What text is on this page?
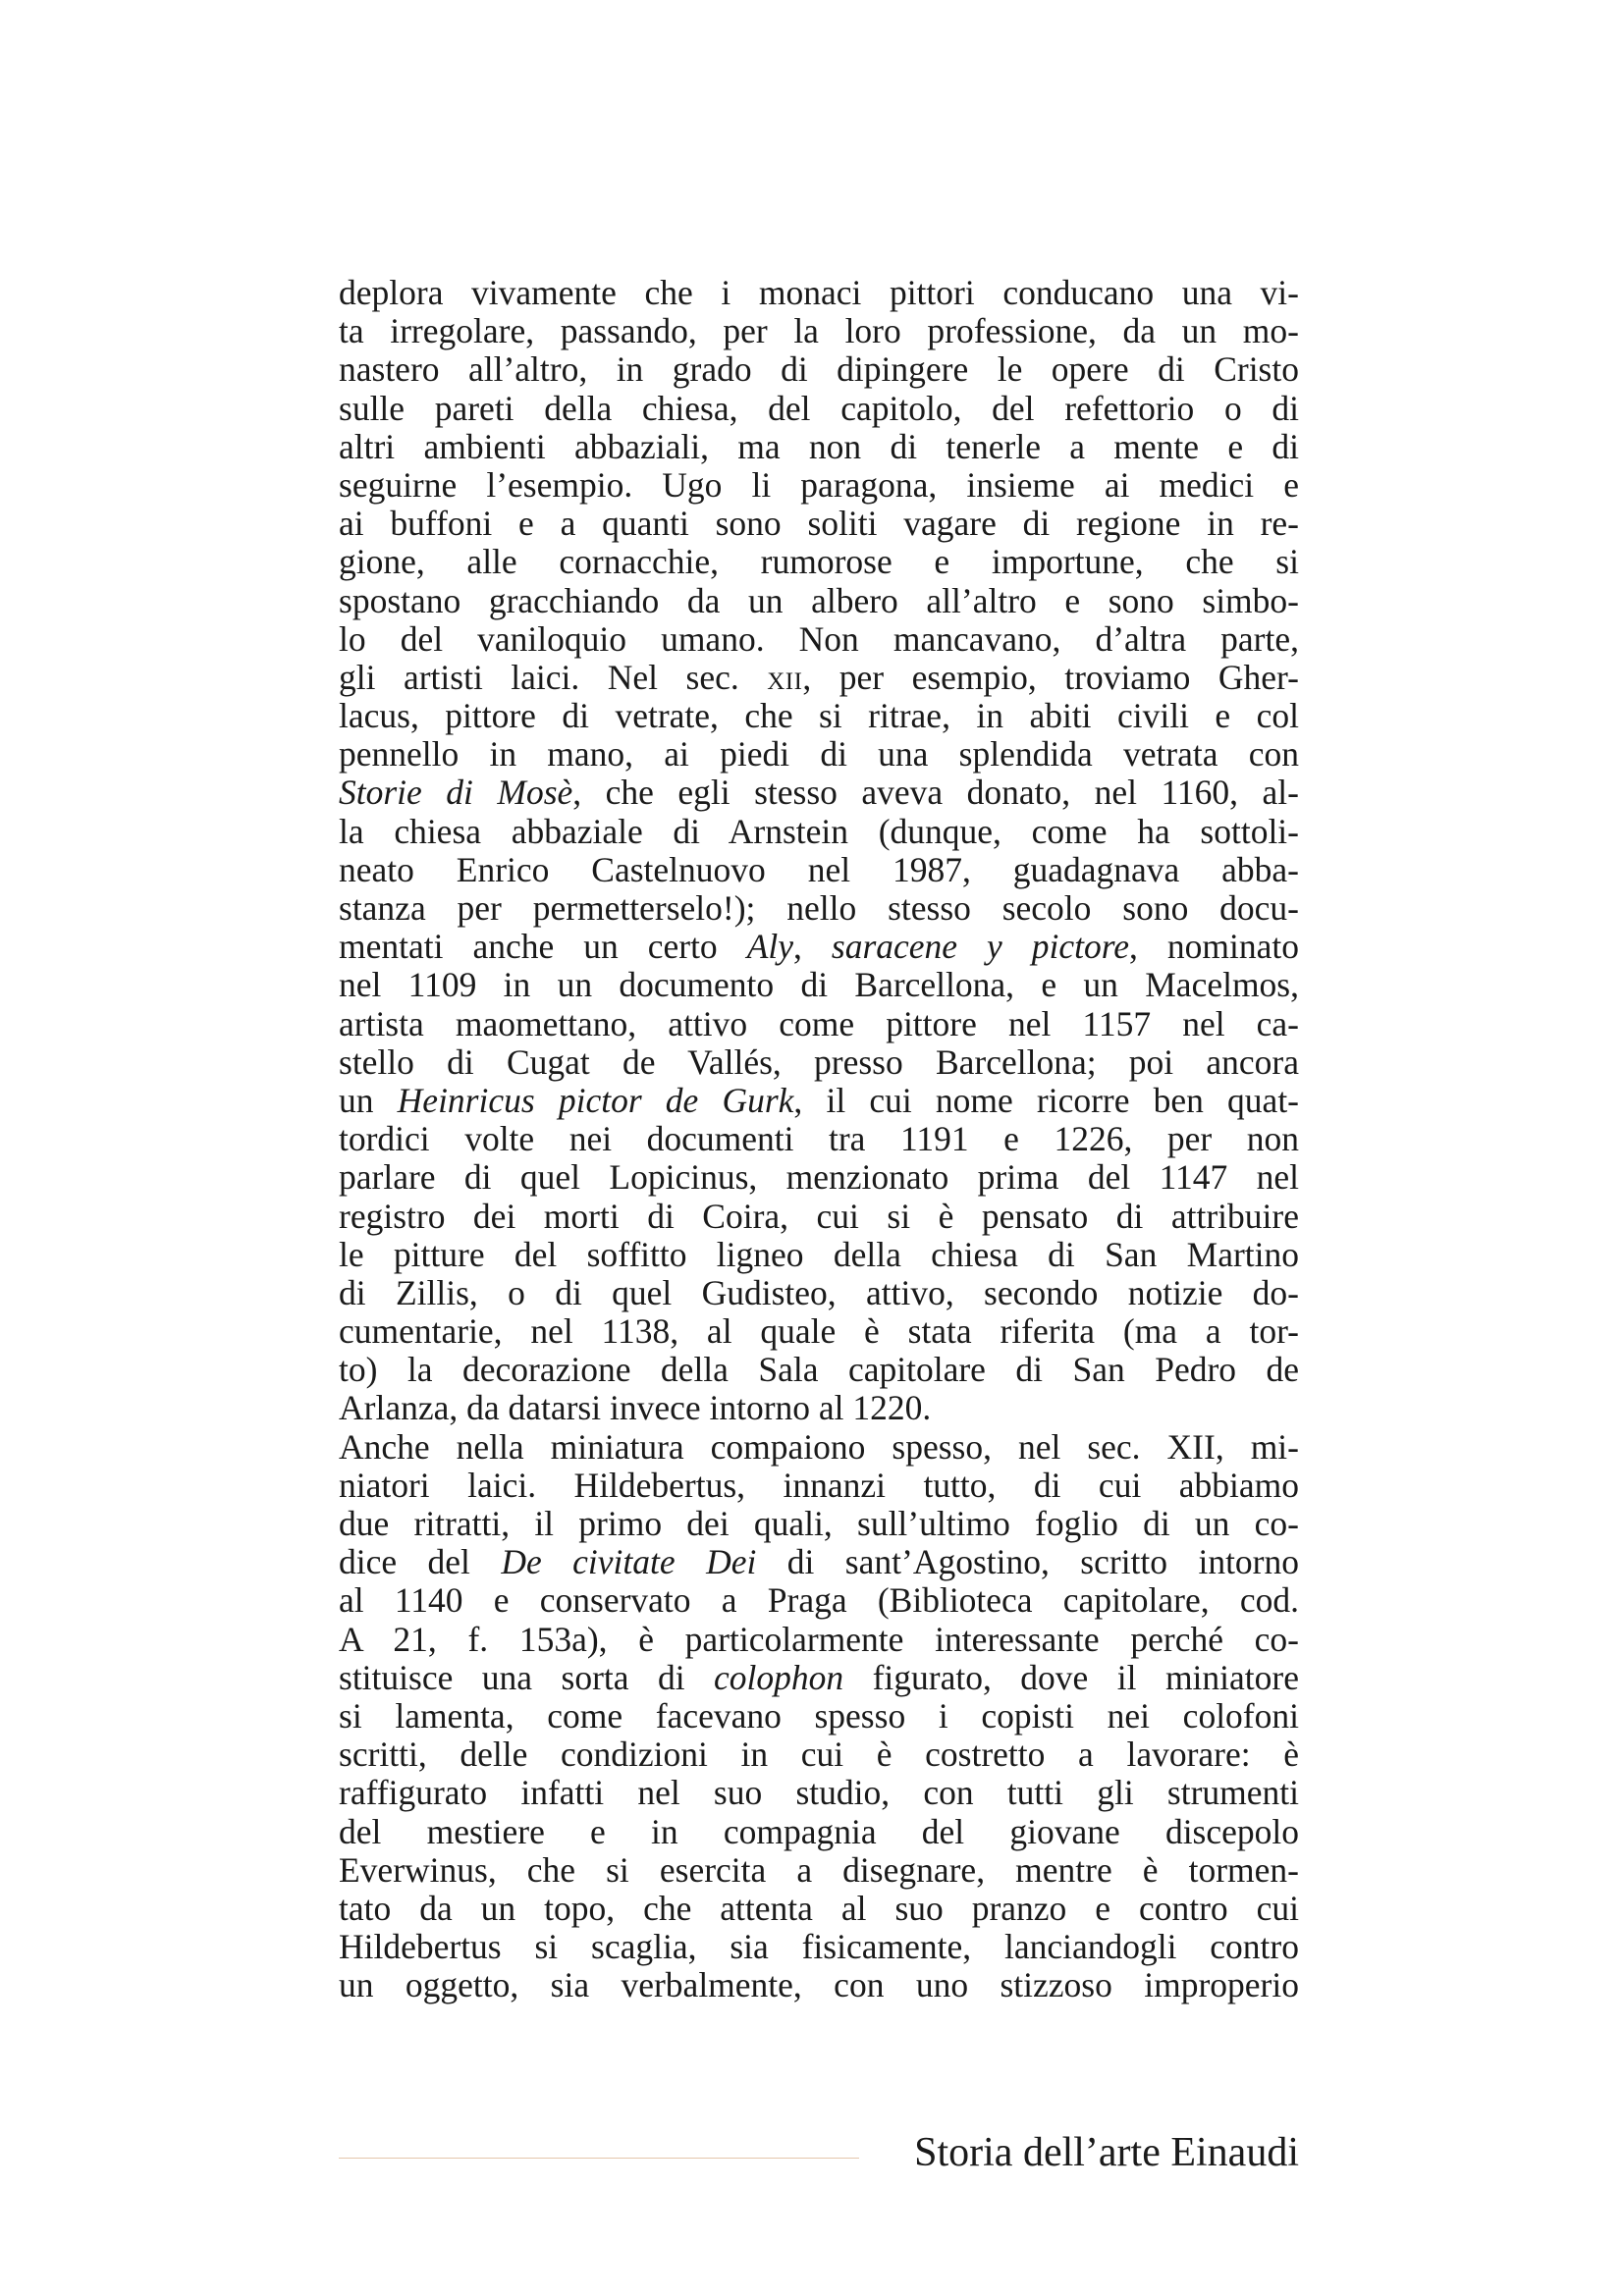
deplora vivamente che i monaci pittori conducano una vi-
ta irregolare, passando, per la loro professione, da un mo-
nastero all’altro, in grado di dipingere le opere di Cristo
sulle pareti della chiesa, del capitolo, del refettorio o di
altri ambienti abbaziali, ma non di tenerle a mente e di
seguirne l’esempio. Ugo li paragona, insieme ai medici e
ai buffoni e a quanti sono soliti vagare di regione in re-
gione, alle cornacchie, rumorose e importune, che si
spostano gracchiando da un albero all’altro e sono simbo-
lo del vaniloquio umano. Non mancavano, d’altra parte,
gli artisti laici. Nel sec. xii, per esempio, troviamo Gher-
lacus, pittore di vetrate, che si ritrae, in abiti civili e col
pennello in mano, ai piedi di una splendida vetrata con
Storie di Mosè, che egli stesso aveva donato, nel 1160, al-
la chiesa abbaziale di Arnstein (dunque, come ha sottoli-
neato Enrico Castelnuovo nel 1987, guadagnava abba-
stanza per permetterselo!); nello stesso secolo sono docu-
mentati anche un certo Aly, saracene y pictore, nominato
nel 1109 in un documento di Barcellona, e un Macelmos,
artista maomettano, attivo come pittore nel 1157 nel ca-
stello di Cugat de Vallés, presso Barcellona; poi ancora
un Heinricus pictor de Gurk, il cui nome ricorre ben quat-
tordici volte nei documenti tra 1191 e 1226, per non
parlare di quel Lopicinus, menzionato prima del 1147 nel
registro dei morti di Coira, cui si è pensato di attribuire
le pitture del soffitto ligneo della chiesa di San Martino
di Zillis, o di quel Gudisteo, attivo, secondo notizie do-
cumentarie, nel 1138, al quale è stata riferita (ma a tor-
to) la decorazione della Sala capitolare di San Pedro de
Arlanza, da datarsi invece intorno al 1220.
Anche nella miniatura compaiono spesso, nel sec. XII, mi-
niatori laici. Hildebertus, innanzi tutto, di cui abbiamo
due ritratti, il primo dei quali, sull’ultimo foglio di un co-
dice del De civitate Dei di sant’Agostino, scritto intorno
al 1140 e conservato a Praga (Biblioteca capitolare, cod.
A 21, f. 153a), è particolarmente interessante perché co-
stituisce una sorta di colophon figurato, dove il miniatore
si lamenta, come facevano spesso i copisti nei colofoni
scritti, delle condizioni in cui è costretto a lavorare: è
raffigurato infatti nel suo studio, con tutti gli strumenti
del mestiere e in compagnia del giovane discepolo
Everwinus, che si esercita a disegnare, mentre è tormen-
tato da un topo, che attenta al suo pranzo e contro cui
Hildebertus si scaglia, sia fisicamente, lanciandogli contro
un oggetto, sia verbalmente, con uno stizzoso improperio
Storia dell’arte Einaudi
